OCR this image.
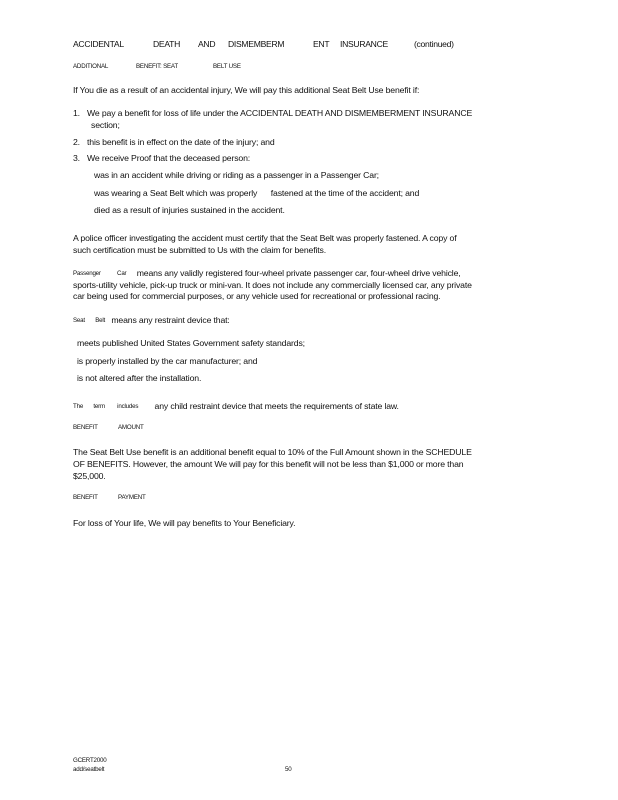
ACCIDENTAL	DEATH AND DISMEMBERM	ENT INSURANCE	(continued)
ADDITIONAL	BENEFIT: SEAT	BELT USE
If You die as a result of an accidental injury, We will pay this additional Seat Belt Use benefit if:
1. We pay a benefit for loss of life under the ACCIDENTAL DEATH AND DISMEMBERMENT INSURANCE
section;
2. this benefit is in effect on the date of the injury; and
3. We receive Proof that the deceased person:
was in an accident while driving or riding as a passenger in a Passenger Car;
was wearing a Seat Belt which was properly      fastened at the time of the accident; and
died as a result of injuries sustained in the accident.
A police officer investigating the accident must certify that the Seat Belt was properly fastened. A copy of
such certification must be submitted to Us with the claim for benefits.
Passenger	Car means any validly registered four-wheel private passenger car, four-wheel drive vehicle,
sports-utility vehicle, pick-up truck or mini-van. It does not include any commercially licensed car, any private
car being used for commercial purposes, or any vehicle used for recreational or professional racing.
Seat Belt means any restraint device that:
meets published United States Government safety standards;
is properly installed by the car manufacturer; and
is not altered after the installation.
The term includes any child restraint device that meets the requirements of state law.
BENEFIT	AMOUNT
The Seat Belt Use benefit is an additional benefit equal to 10% of the Full Amount shown in the SCHEDULE
OF BENEFITS. However, the amount We will pay for this benefit will not be less than $1,000 or more than
$25,000.
BENEFIT	PAYMENT
For loss of Your life, We will pay benefits to Your Beneficiary.
GCERT2000
add/seatbelt	50
